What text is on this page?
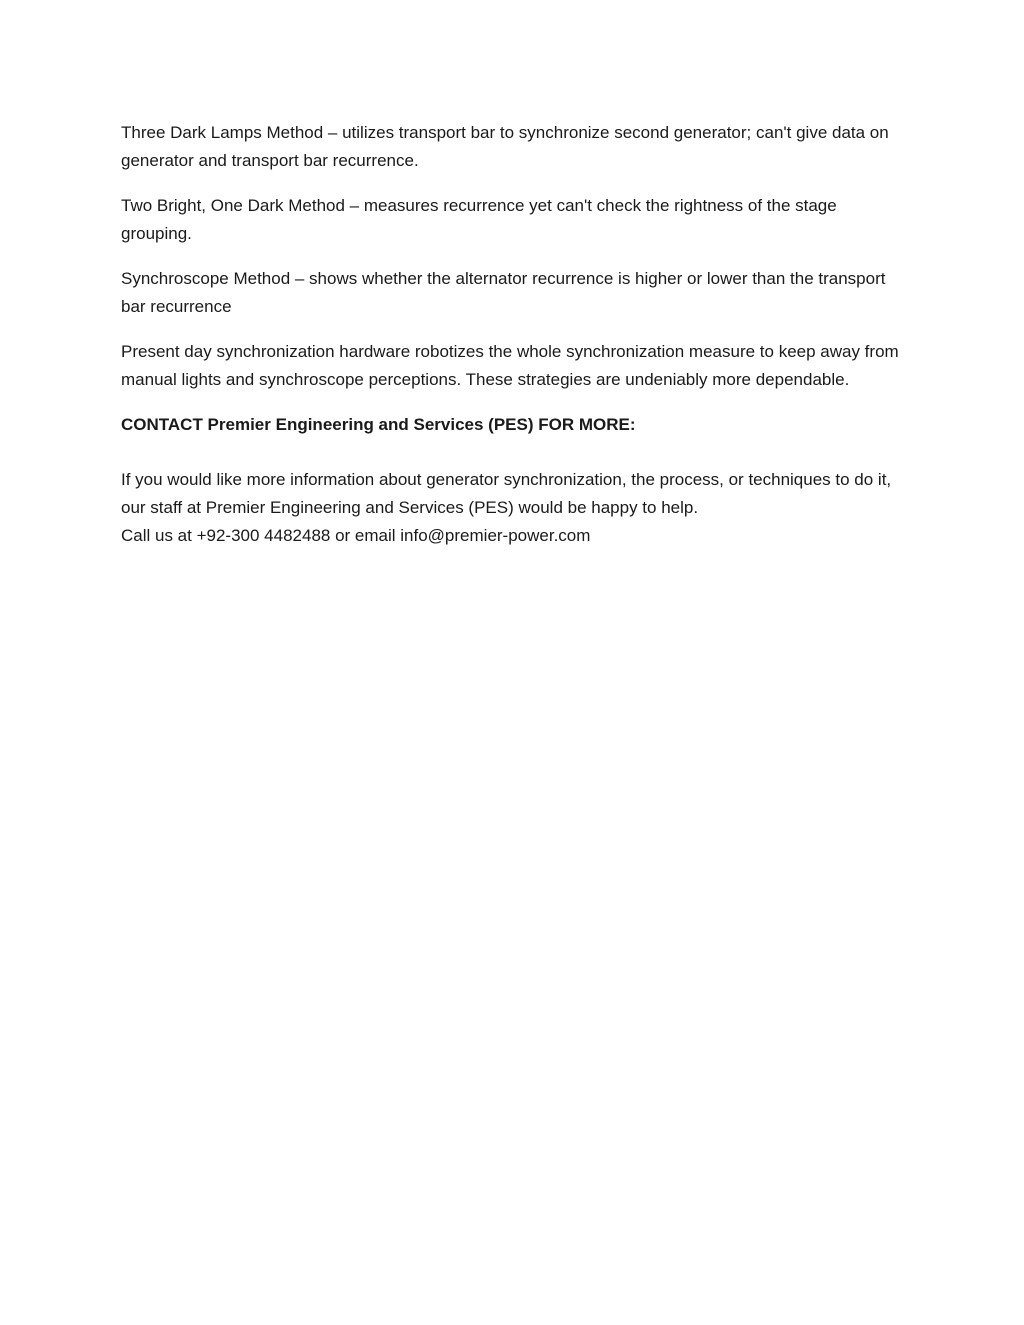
Three Dark Lamps Method – utilizes transport bar to synchronize second generator; can't give data on generator and transport bar recurrence.

Two Bright, One Dark Method – measures recurrence yet can't check the rightness of the stage grouping.

Synchroscope Method – shows whether the alternator recurrence is higher or lower than the transport bar recurrence

Present day synchronization hardware robotizes the whole synchronization measure to keep away from manual lights and synchroscope perceptions. These strategies are undeniably more dependable.

CONTACT Premier Engineering and Services (PES) FOR MORE:

If you would like more information about generator synchronization, the process, or techniques to do it, our staff at Premier Engineering and Services (PES) would be happy to help.
Call us at +92-300 4482488 or email info@premier-power.com
